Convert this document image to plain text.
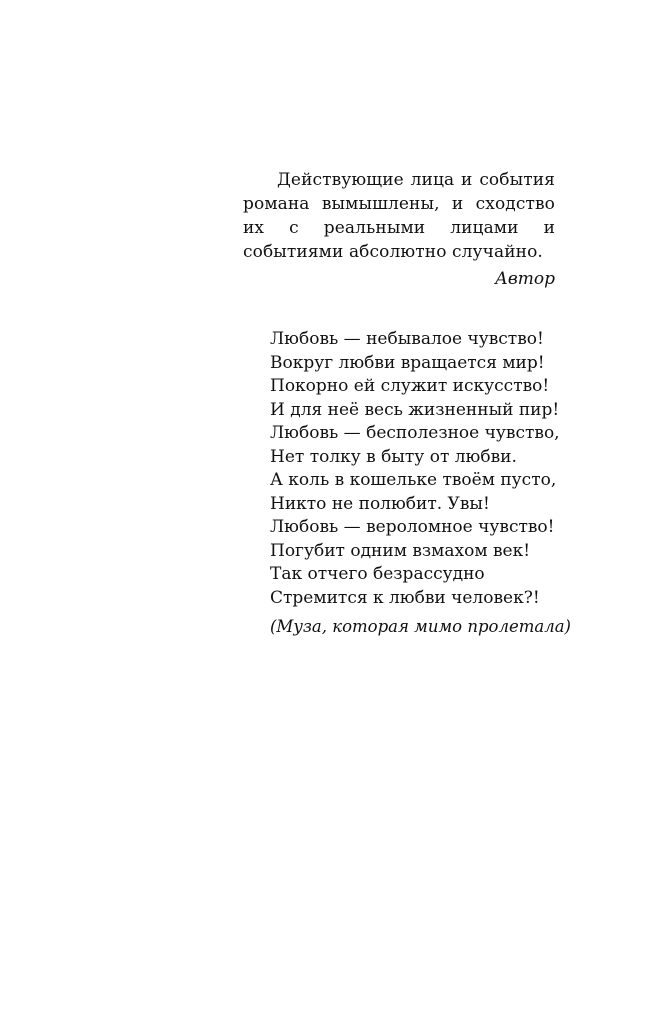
Действующие лица и события романа вымышлены, и сходство их с реальными лицами и событиями абсолютно случайно.

Автор

Любовь — небывалое чувство!
Вокруг любви вращается мир!
Покорно ей служит искусство!
И для неё весь жизненный пир!
Любовь — бесполезное чувство,
Нет толку в быту от любви.
А коль в кошельке твоём пусто,
Никто не полюбит. Увы!
Любовь — вероломное чувство!
Погубит одним взмахом век!
Так отчего безрассудно
Стремится к любви человек?!

(Муза, которая мимо пролетала)
